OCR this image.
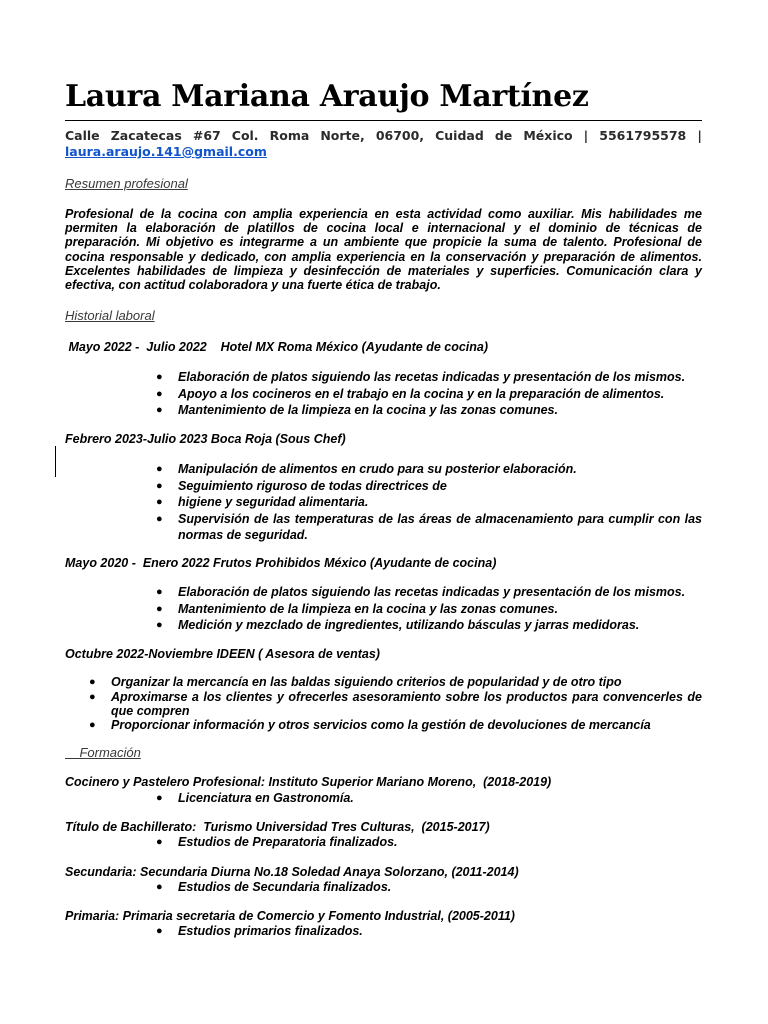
Laura Mariana Araujo Martínez
Calle Zacatecas #67 Col. Roma Norte, 06700, Cuidad de México | 5561795578 |
laura.araujo.141@gmail.com
Resumen profesional
Profesional de la cocina con amplia experiencia en esta actividad como auxiliar. Mis habilidades me permiten la elaboración de platillos de cocina local e internacional y el dominio de técnicas de preparación. Mi objetivo es integrarme a un ambiente que propicie la suma de talento. Profesional de cocina responsable y dedicado, con amplia experiencia en la conservación y preparación de alimentos. Excelentes habilidades de limpieza y desinfección de materiales y superficies. Comunicación clara y efectiva, con actitud colaboradora y una fuerte ética de trabajo.
Historial laboral
Mayo 2022 -  Julio 2022    Hotel MX Roma México (Ayudante de cocina)
● Elaboración de platos siguiendo las recetas indicadas y presentación de los mismos.
● Apoyo a los cocineros en el trabajo en la cocina y en la preparación de alimentos.
● Mantenimiento de la limpieza en la cocina y las zonas comunes.
Febrero 2023-Julio 2023 Boca Roja (Sous Chef)
● Manipulación de alimentos en crudo para su posterior elaboración.
● Seguimiento riguroso de todas directrices de
● higiene y seguridad alimentaria.
● Supervisión de las temperaturas de las áreas de almacenamiento para cumplir con las normas de seguridad.
Mayo 2020 -  Enero 2022 Frutos Prohibidos México (Ayudante de cocina)
● Elaboración de platos siguiendo las recetas indicadas y presentación de los mismos.
● Mantenimiento de la limpieza en la cocina y las zonas comunes.
● Medición y mezclado de ingredientes, utilizando básculas y jarras medidoras.
Octubre 2022-Noviembre IDEEN ( Asesora de ventas)
● Organizar la mercancía en las baldas siguiendo criterios de popularidad y de otro tipo
● Aproximarse a los clientes y ofrecerles asesoramiento sobre los productos para convencerles de que compren
● Proporcionar información y otros servicios como la gestión de devoluciones de mercancía
Formación
Cocinero y Pastelero Profesional: Instituto Superior Mariano Moreno,  (2018-2019)
● Licenciatura en Gastronomía.
Título de Bachillerato:  Turismo Universidad Tres Culturas,  (2015-2017)
● Estudios de Preparatoria finalizados.
Secundaria: Secundaria Diurna No.18 Soledad Anaya Solorzano, (2011-2014)
● Estudios de Secundaria finalizados.
Primaria: Primaria secretaria de Comercio y Fomento Industrial, (2005-2011)
● Estudios primarios finalizados.
